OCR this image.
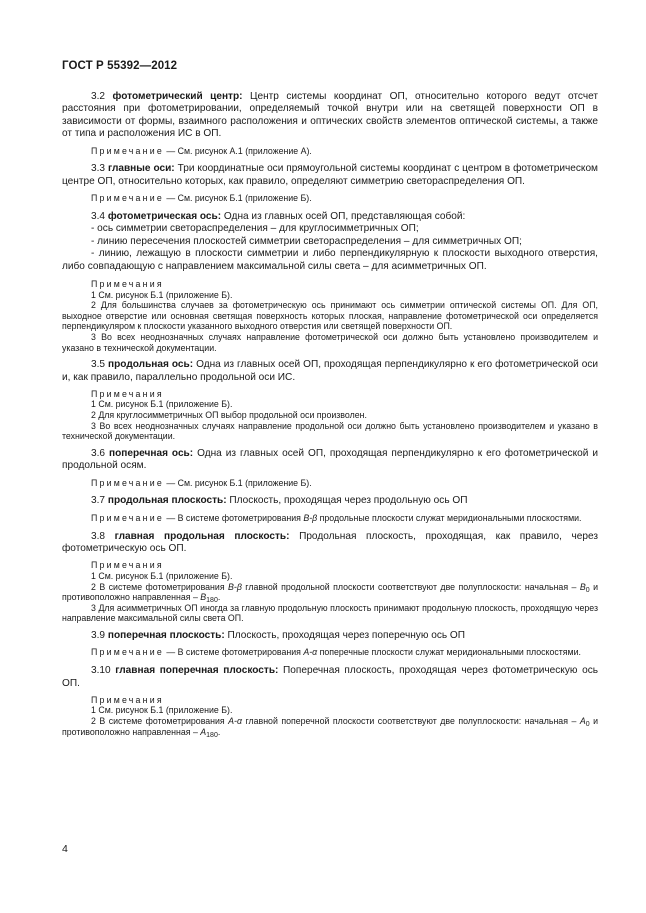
ГОСТ Р 55392—2012

3.2 фотометрический центр: Центр системы координат ОП, относительно которого ведут отсчет расстояния при фотометрировании, определяемый точкой внутри или на светящей поверхности ОП в зависимости от формы, взаимного расположения и оптических свойств элементов оптической системы, а также от типа и расположения ИС в ОП.

Примечание — См. рисунок А.1 (приложение А).

3.3 главные оси: Три координатные оси прямоугольной системы координат с центром в фотометрическом центре ОП, относительно которых, как правило, определяют симметрию светораспределения ОП.

Примечание — См. рисунок Б.1 (приложение Б).

3.4 фотометрическая ось: Одна из главных осей ОП, представляющая собой:

- ось симметрии светораспределения – для круглосимметричных ОП;

- линию пересечения плоскостей симметрии светораспределения – для симметричных ОП;

- линию, лежащую в плоскости симметрии и либо перпендикулярную к плоскости выходного отверстия, либо совпадающую с направлением максимальной силы света – для асимметричных ОП.

Примечания

1 См. рисунок Б.1 (приложение Б).

2 Для большинства случаев за фотометрическую ось принимают ось симметрии оптической системы ОП. Для ОП, выходное отверстие или основная светящая поверхность которых плоская, направление фотометрической оси определяется перпендикуляром к плоскости указанного выходного отверстия или светящей поверхности ОП.

3 Во всех неоднозначных случаях направление фотометрической оси должно быть установлено производителем и указано в технической документации.

3.5 продольная ось: Одна из главных осей ОП, проходящая перпендикулярно к его фотометрической оси и, как правило, параллельно продольной оси ИС.

Примечания

1 См. рисунок Б.1 (приложение Б).

2 Для круглосимметричных ОП выбор продольной оси произволен.

3 Во всех неоднозначных случаях направление продольной оси должно быть установлено производителем и указано в технической документации.

3.6 поперечная ось: Одна из главных осей ОП, проходящая перпендикулярно к его фотометрической и продольной осям.

Примечание — См. рисунок Б.1 (приложение Б).

3.7 продольная плоскость: Плоскость, проходящая через продольную ось ОП

Примечание — В системе фотометрирования B-β продольные плоскости служат меридиональными плоскостями.

3.8 главная продольная плоскость: Продольная плоскость, проходящая, как правило, через фотометрическую ось ОП.

Примечания

1 См. рисунок Б.1 (приложение Б).

2 В системе фотометрирования B-β главной продольной плоскости соответствуют две полуплоскости: начальная – $B_0$ и противоположно направленная – $B_{180}$.

3 Для асимметричных ОП иногда за главную продольную плоскость принимают продольную плоскость, проходящую через направление максимальной силы света ОП.

3.9 поперечная плоскость: Плоскость, проходящая через поперечную ось ОП

Примечание — В системе фотометрирования A-α поперечные плоскости служат меридиональными плоскостями.

3.10 главная поперечная плоскость: Поперечная плоскость, проходящая через фотометрическую ось ОП.

Примечания

1 См. рисунок Б.1 (приложение Б).

2 В системе фотометрирования A-α главной поперечной плоскости соответствуют две полуплоскости: начальная – $A_0$ и противоположно направленная – $A_{180}$.

4
